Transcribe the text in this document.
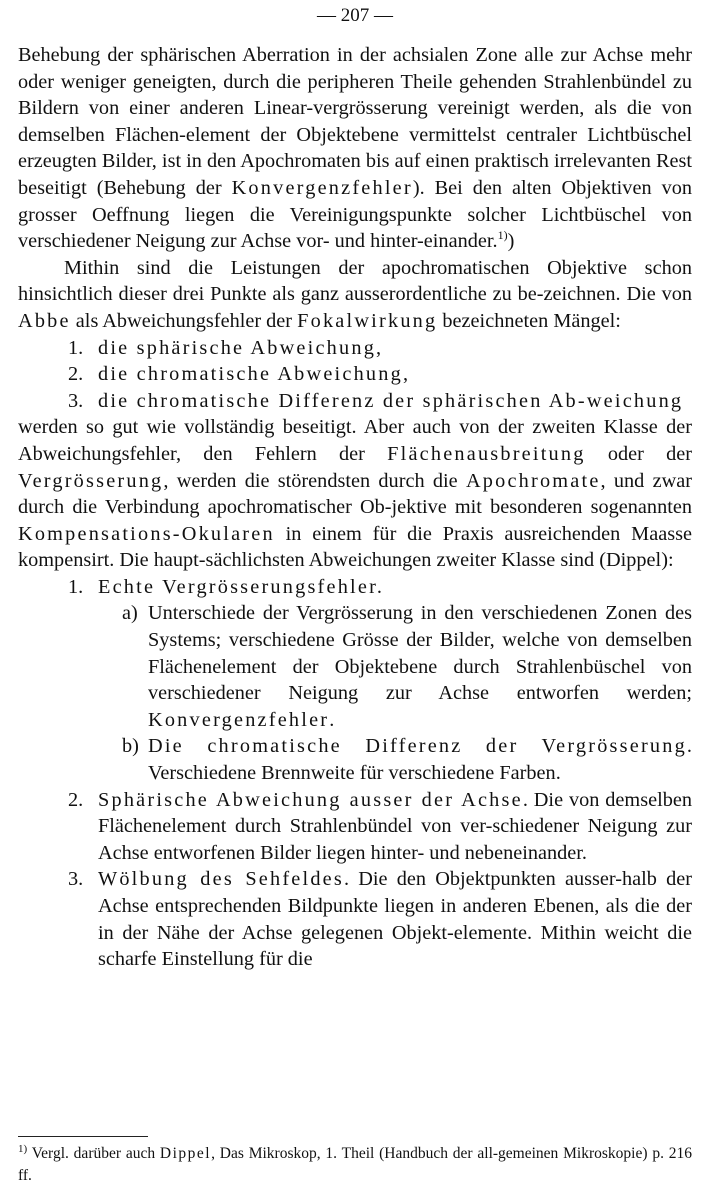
— 207 —

Behebung der sphärischen Aberration in der achsialen Zone alle zur Achse mehr oder weniger geneigten, durch die peripheren Theile gehenden Strahlenbündel zu Bildern von einer anderen Linear-vergrösserung vereinigt werden, als die von demselben Flächen-element der Objektebene vermittelst centraler Lichtbüschel erzeugten Bilder, ist in den Apochromaten bis auf einen praktisch irrelevanten Rest beseitigt (Behebung der Konvergenzfehler). Bei den alten Objektiven von grosser Oeffnung liegen die Vereinigungspunkte solcher Lichtbüschel von verschiedener Neigung zur Achse vor- und hinter-einander.$^{1)}$)

Mithin sind die Leistungen der apochromatischen Objektive schon hinsichtlich dieser drei Punkte als ganz ausserordentliche zu be-zeichnen. Die von Abbe als Abweichungsfehler der Fokalwirkung bezeichneten Mängel:

1. die sphärische Abweichung,
2. die chromatische Abweichung,
3. die chromatische Differenz der sphärischen Ab-weichung

werden so gut wie vollständig beseitigt. Aber auch von der zweiten Klasse der Abweichungsfehler, den Fehlern der Flächenausbreitung oder der Vergrösserung, werden die störendsten durch die Apochromate, und zwar durch die Verbindung apochromatischer Ob-jektive mit besonderen sogenannten Kompensations-Okularen in einem für die Praxis ausreichenden Maasse kompensirt. Die haupt-sächlichsten Abweichungen zweiter Klasse sind (Dippel):

1. Echte Vergrösserungsfehler.
a) Unterschiede der Vergrösserung in den verschiedenen Zonen des Systems; verschiedene Grösse der Bilder, welche von demselben Flächenelement der Objektebene durch Strahlenbüschel von verschiedener Neigung zur Achse entworfen werden; Konvergenzfehler.
b) Die chromatische Differenz der Vergrösserung. Verschiedene Brennweite für verschiedene Farben.
2. Sphärische Abweichung ausser der Achse. Die von demselben Flächenelement durch Strahlenbündel von ver-schiedener Neigung zur Achse entworfenen Bilder liegen hinter- und nebeneinander.
3. Wölbung des Sehfeldes. Die den Objektpunkten ausser-halb der Achse entsprechenden Bildpunkte liegen in anderen Ebenen, als die der in der Nähe der Achse gelegenen Objekt-elemente. Mithin weicht die scharfe Einstellung für die
$^{1)}$ Vergl. darüber auch Dippel, Das Mikroskop, 1. Theil (Handbuch der all-gemeinen Mikroskopie) p. 216 ff.
